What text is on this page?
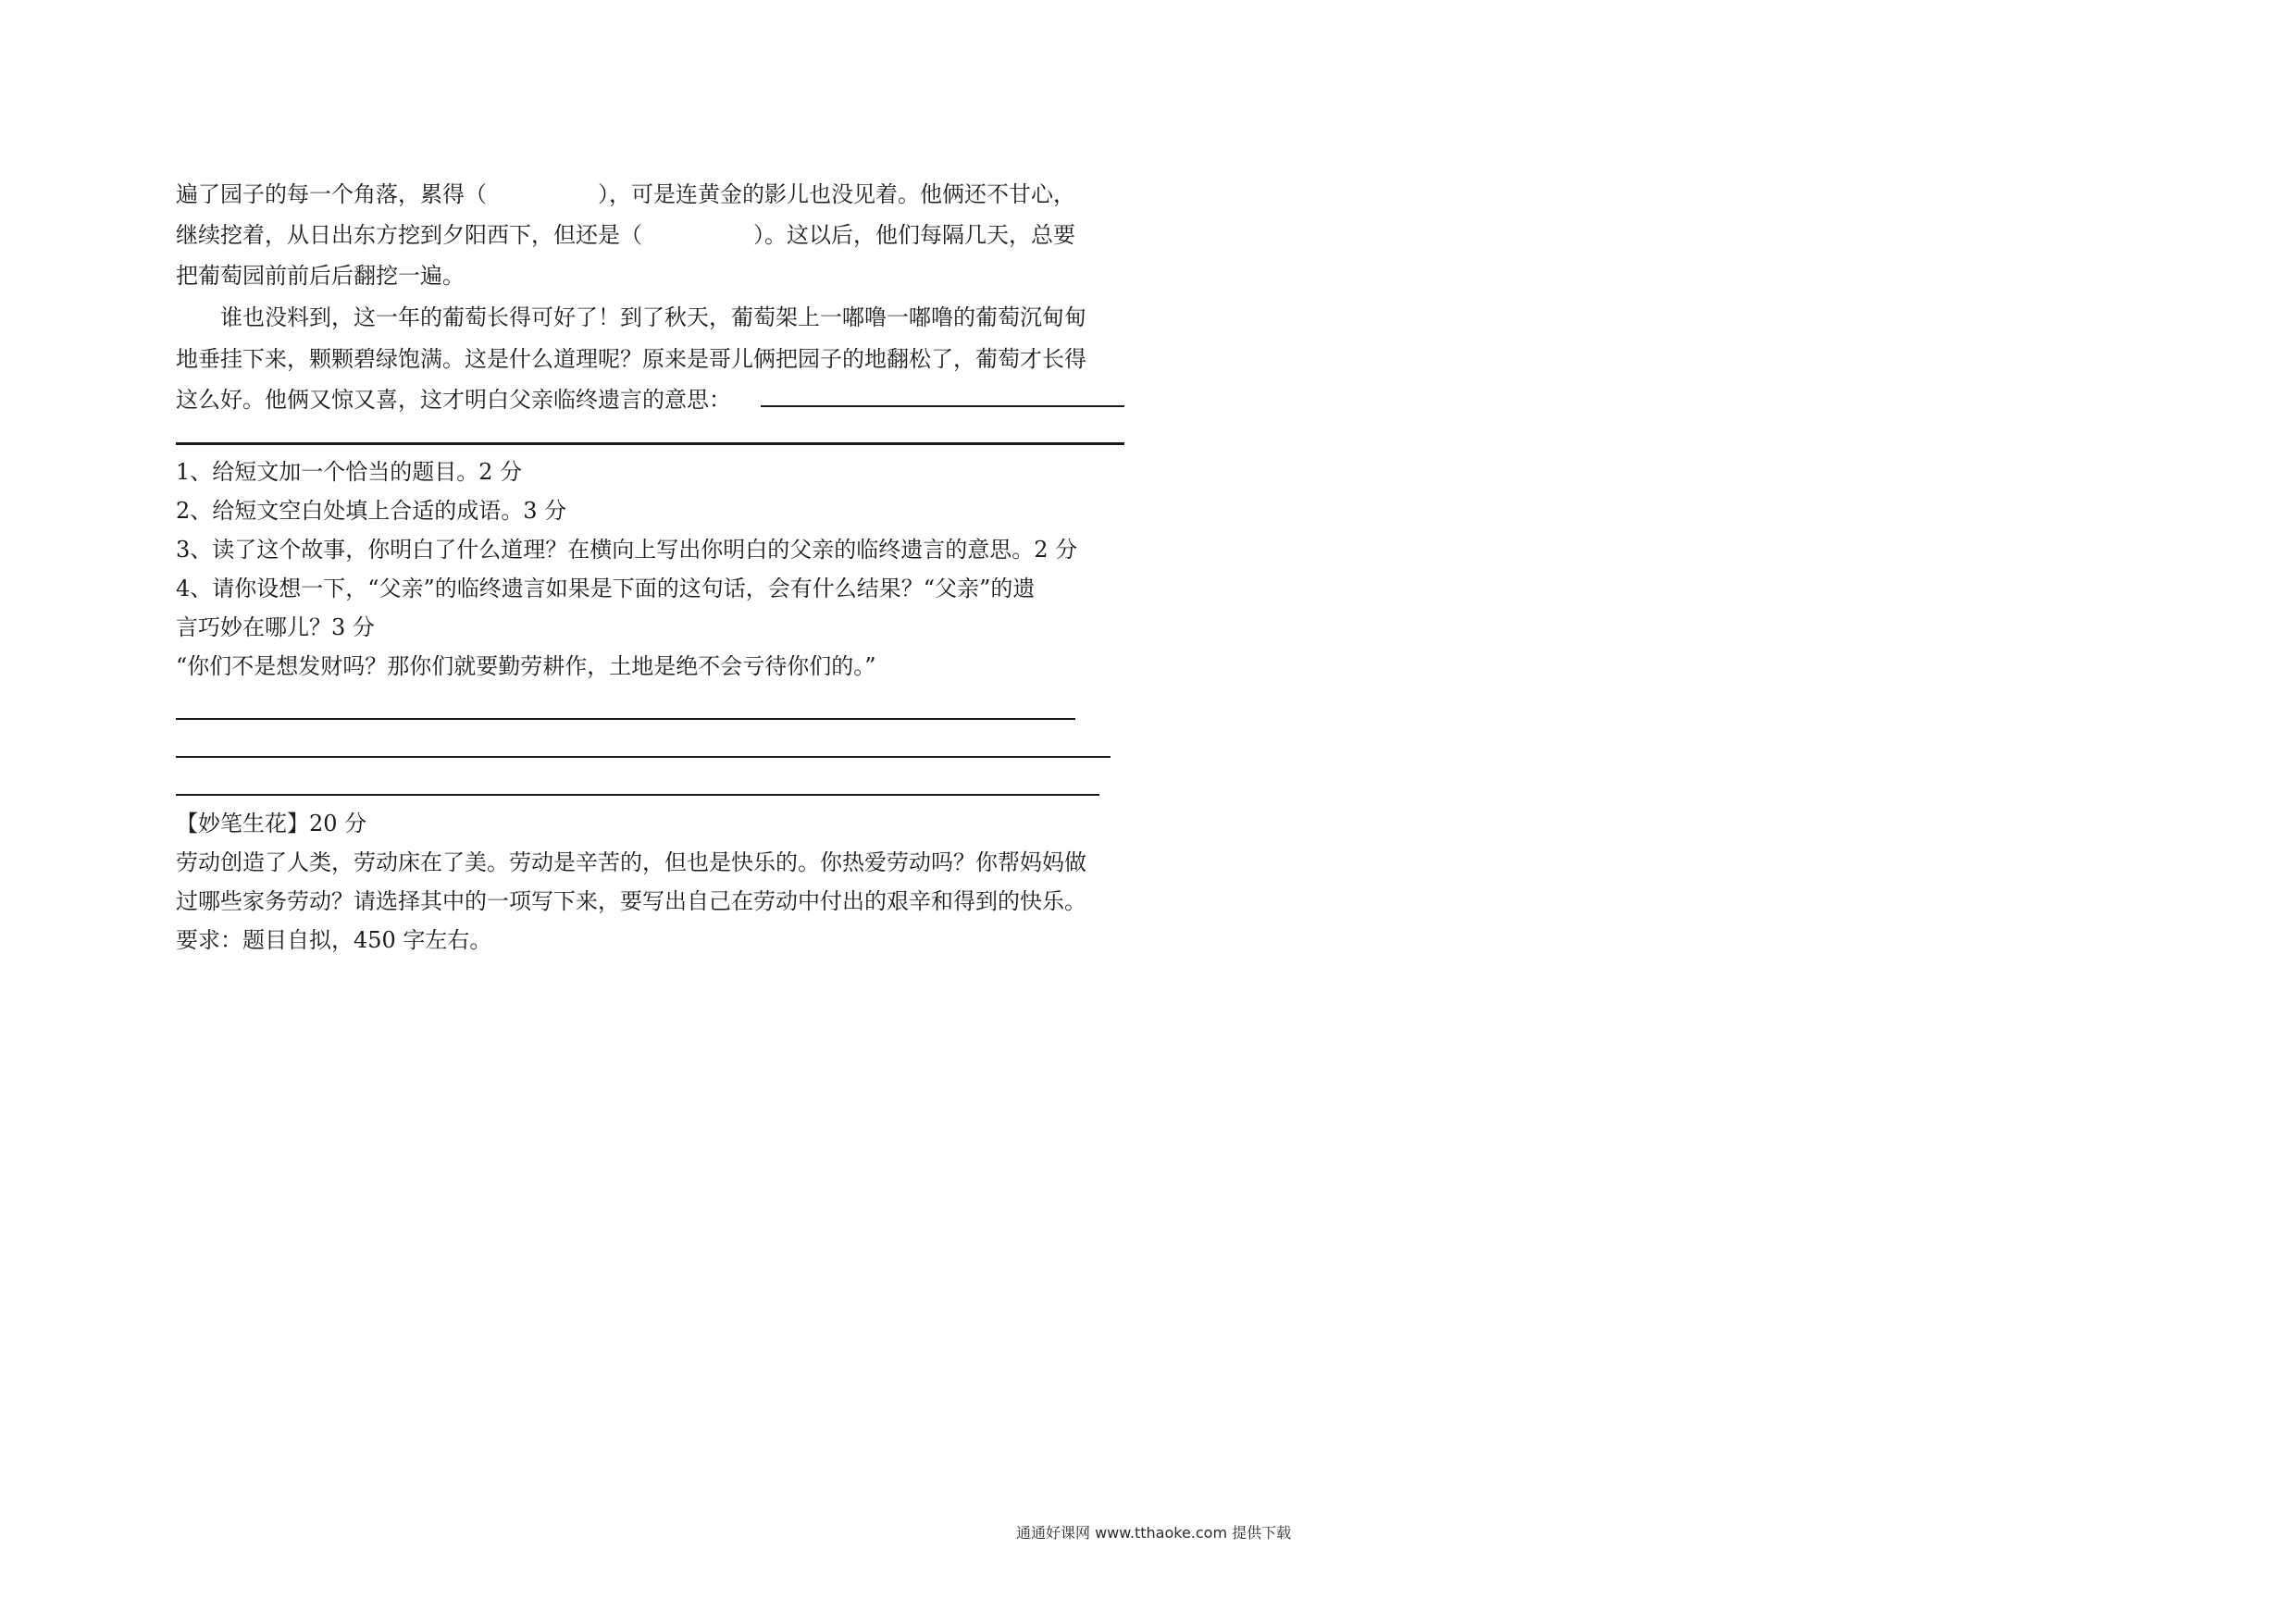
遍了园子的每一个角落，累得（	），可是连黄金的影儿也没见着。他俩还不甘心，
继续挖着，从日出东方挖到夕阳西下，但还是（	）。这以后，他们每隔几天，总要
把葡萄园前前后后翻挖一遍。
谁也没料到，这一年的葡萄长得可好了！到了秋天，葡萄架上一嘟噜一嘟噜的葡萄沉甸甸
地垂挂下来，颗颗碧绿饱满。这是什么道理呢？原来是哥儿俩把园子的地翻松了，葡萄才长得
这么好。他俩又惊又喜，这才明白父亲临终遗言的意思：
1、给短文加一个恰当的题目。2 分
2、给短文空白处填上合适的成语。3 分
3、读了这个故事，你明白了什么道理？在横向上写出你明白的父亲的临终遗言的意思。2 分
4、请你设想一下，“父亲”的临终遗言如果是下面的这句话，会有什么结果？“父亲”的遗
言巧妙在哪儿？3 分
“你们不是想发财吗？那你们就要勤劳耕作，土地是绝不会亏待你们的。”
【妙笔生花】20 分
劳动创造了人类，劳动床在了美。劳动是辛苦的，但也是快乐的。你热爱劳动吗？你帮妈妈做
过哪些家务劳动？请选择其中的一项写下来，要写出自己在劳动中付出的艰辛和得到的快乐。
要求：题目自拟，450 字左右。
通通好课网 www.tthaoke.com 提供下载
